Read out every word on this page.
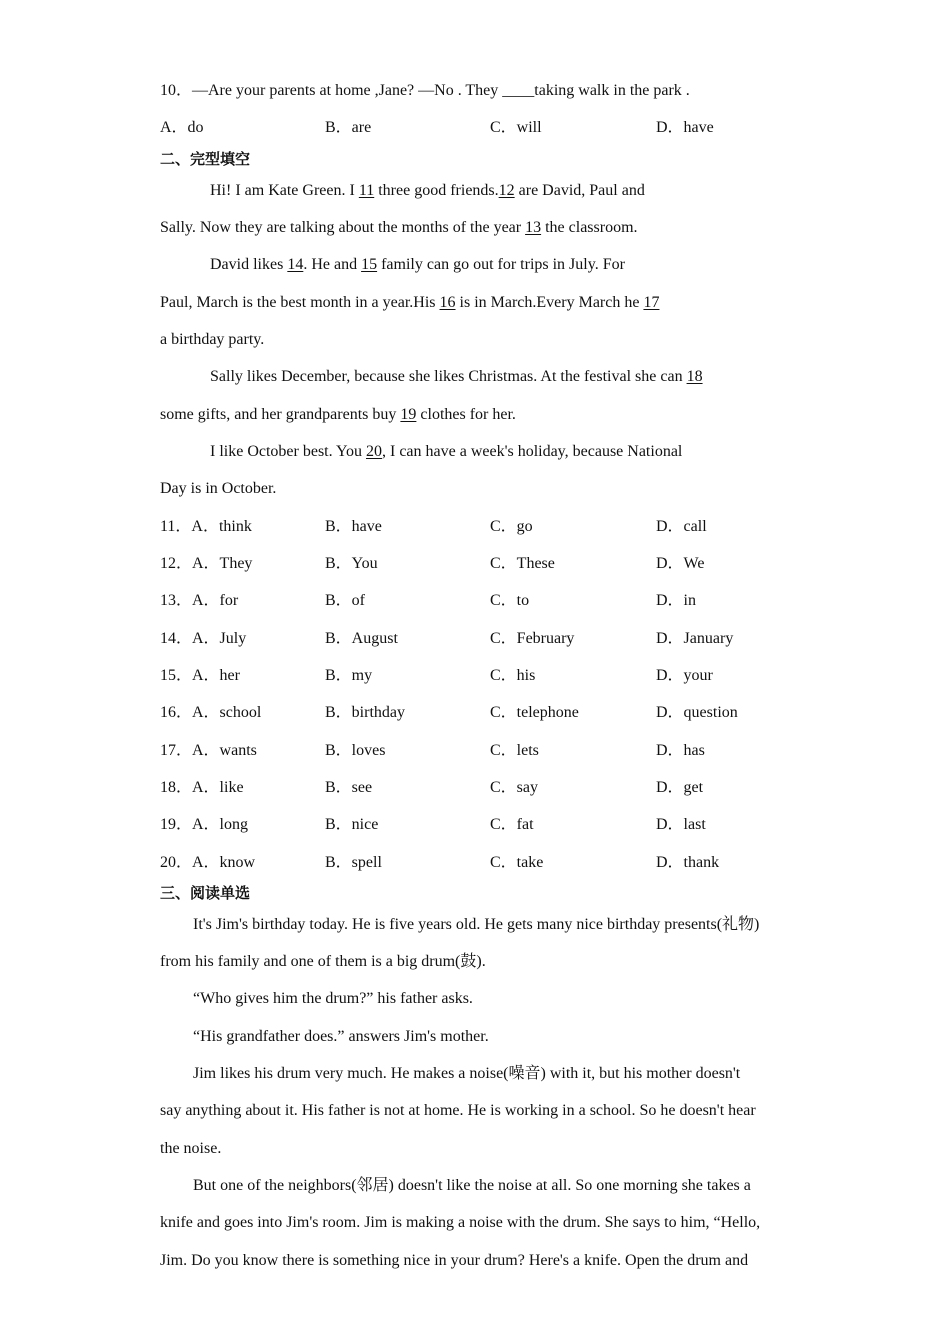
10．—Are your parents at home ,Jane? —No . They ____taking walk in the park .
A．do	B．are	C．will	D．have
二、完型填空
Hi! I am Kate Green. I 11 three good friends.12 are David, Paul and
Sally. Now they are talking about the months of the year 13 the classroom.
David likes 14. He and 15 family can go out for trips in July. For
Paul, March is the best month in a year.His 16 is in March.Every March he 17
a birthday party.
Sally likes December, because she likes Christmas. At the festival she can 18
some gifts, and her grandparents buy 19 clothes for her.
I like October best. You 20, I can have a week's holiday, because National
Day is in October.
11．A．think	B．have	C．go	D．call
12．A．They	B．You	C．These	D．We
13．A．for	B．of	C．to	D．in
14．A．July	B．August	C．February	D．January
15．A．her	B．my	C．his	D．your
16．A．school	B．birthday	C．telephone	D．question
17．A．wants	B．loves	C．lets	D．has
18．A．like	B．see	C．say	D．get
19．A．long	B．nice	C．fat	D．last
20．A．know	B．spell	C．take	D．thank
三、阅读单选
It's Jim's birthday today. He is five years old. He gets many nice birthday presents(礼物)
from his family and one of them is a big drum(鼓).
“Who gives him the drum?” his father asks.
“His grandfather does.” answers Jim's mother.
Jim likes his drum very much. He makes a noise(噪音) with it, but his mother doesn't
say anything about it. His father is not at home. He is working in a school. So he doesn't hear
the noise.
But one of the neighbors(邻居) doesn't like the noise at all. So one morning she takes a
knife and goes into Jim's room. Jim is making a noise with the drum. She says to him, “Hello,
Jim. Do you know there is something nice in your drum? Here's a knife. Open the drum and
